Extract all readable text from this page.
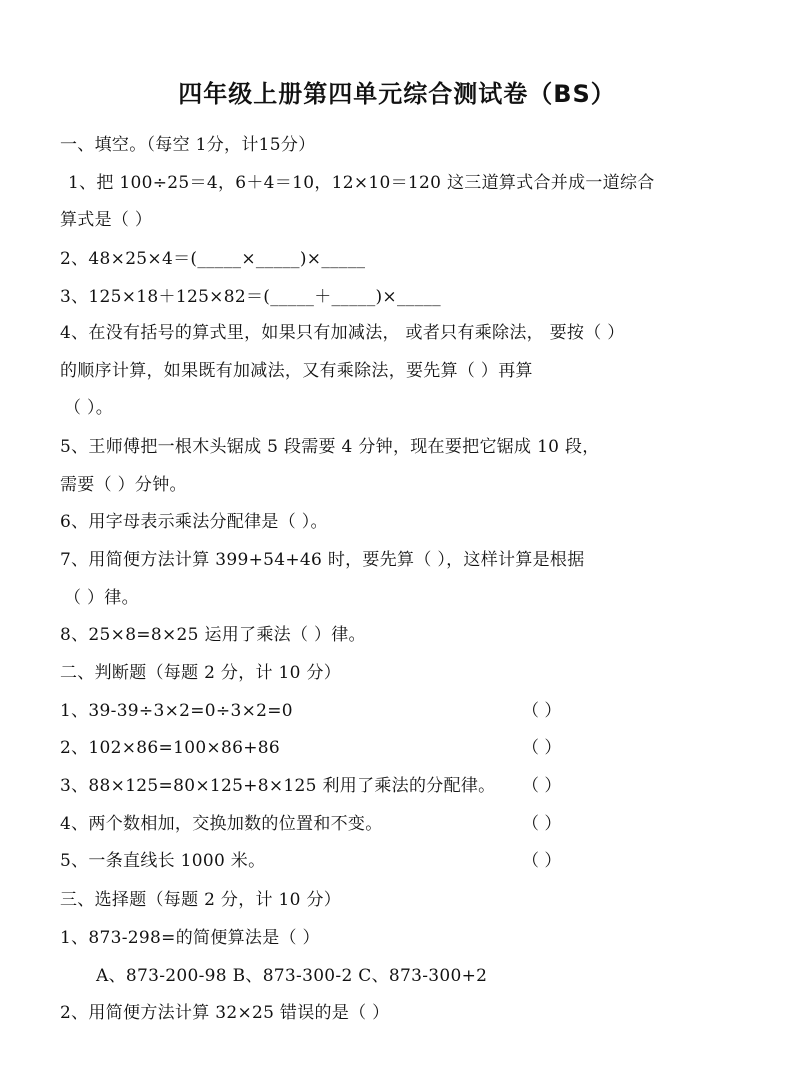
四年级上册第四单元综合测试卷（BS）
一、填空。（每空 1分，计15分）
1、把 100÷25＝4，6＋4＝10，12×10＝120 这三道算式合并成一道综合
算式是（ ）
2、48×25×4＝(_____×_____)×_____
3、125×18＋125×82＝(_____＋_____)×_____
4、在没有括号的算式里，如果只有加减法， 或者只有乘除法， 要按（ ）
的顺序计算，如果既有加减法，又有乘除法，要先算（ ）再算
（ ）。
5、王师傅把一根木头锯成 5 段需要 4 分钟，现在要把它锯成 10 段，
需要（ ）分钟。
6、用字母表示乘法分配律是（ ）。
7、用简便方法计算 399+54+46 时，要先算（ ），这样计算是根据
（ ）律。
8、25×8=8×25 运用了乘法（ ）律。
二、判断题（每题 2 分，计 10 分）
1、39-39÷3×2=0÷3×2=0	（ ）
2、102×86=100×86+86	（ ）
3、88×125=80×125+8×125 利用了乘法的分配律。 （ ）
4、两个数相加，交换加数的位置和不变。	（ ）
5、一条直线长 1000 米。	（ ）
三、选择题（每题 2 分，计 10 分）
1、873-298=的简便算法是（ ）
A、873-200-98 B、873-300-2 C、873-300+2
2、用简便方法计算 32×25 错误的是（ ）
